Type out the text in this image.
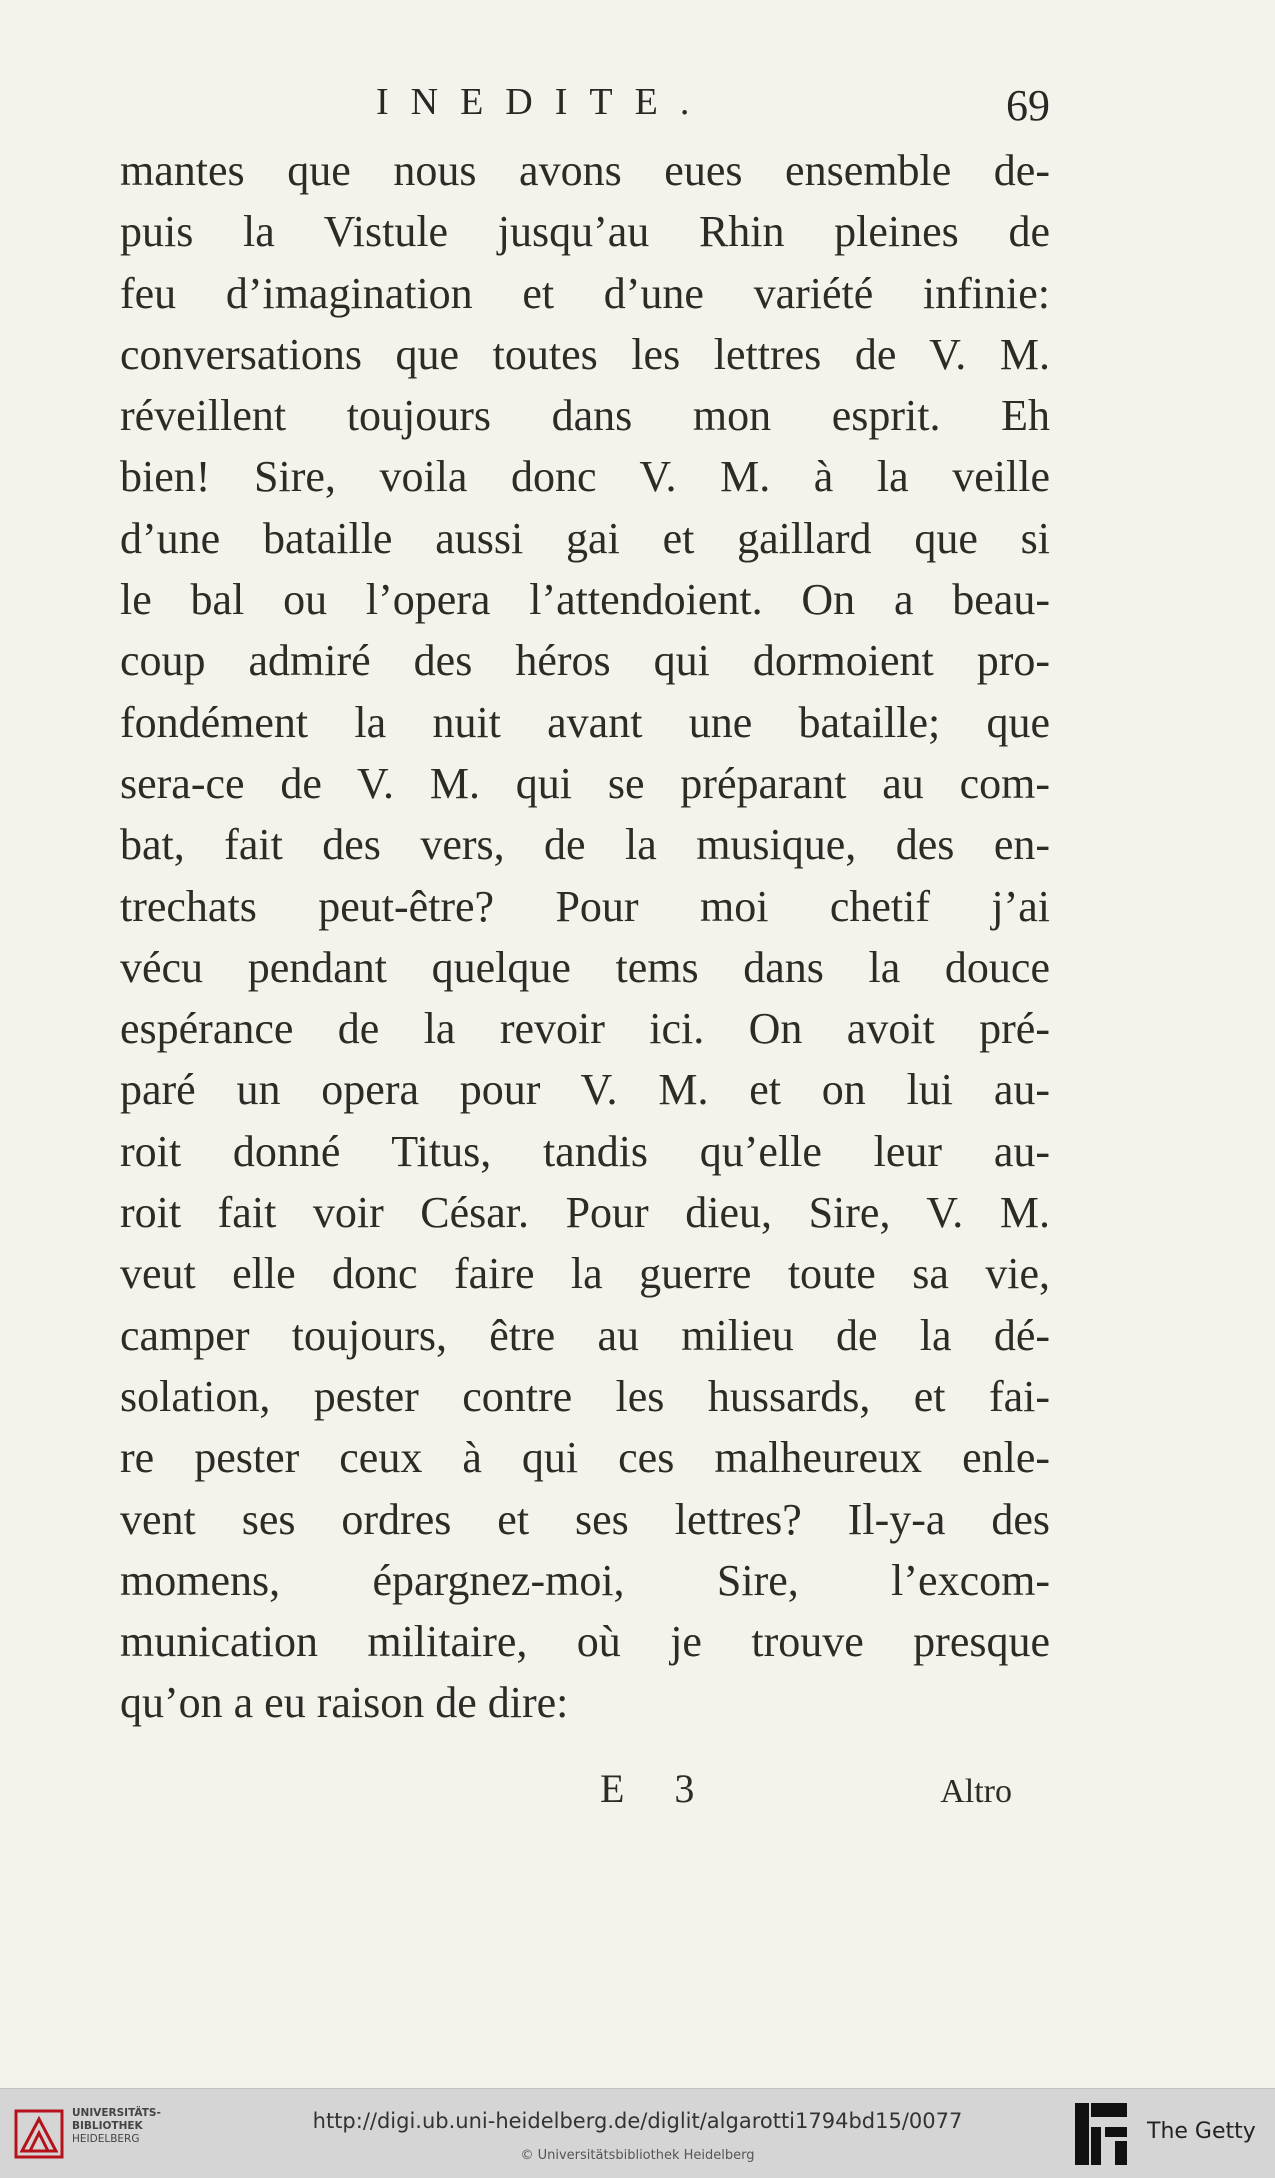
INEDITE.	69
mantes que nous avons eues ensemble de-
puis la Vistule jusqu’au Rhin pleines de
feu d’imagination et d’une variété infinie:
conversations que toutes les lettres de V. M.
réveillent toujours dans mon esprit. Eh
bien! Sire, voila donc V. M. à la veille
d’une bataille aussi gai et gaillard que si
le bal ou l’opera l’attendoient. On a beau-
coup admiré des héros qui dormoient pro-
fondément la nuit avant une bataille; que
sera-ce de V. M. qui se préparant au com-
bat, fait des vers, de la musique, des en-
trechats peut-être? Pour moi chetif j’ai
vécu pendant quelque tems dans la douce
espérance de la revoir ici. On avoit pré-
paré un opera pour V. M. et on lui au-
roit donné Titus, tandis qu’elle leur au-
roit fait voir César. Pour dieu, Sire, V. M.
veut elle donc faire la guerre toute sa vie,
camper toujours, être au milieu de la dé-
solation, pester contre les hussards, et fai-
re pester ceux à qui ces malheureux enle-
vent ses ordres et ses lettres? Il-y-a des
momens, épargnez-moi, Sire, l’excom-
munication militaire, où je trouve presque
qu’on a eu raison de dire:
E 3	Altro
UNIVERSITÄTS-
BIBLIOTHEK
HEIDELBERG
http://digi.ub.uni-heidelberg.de/diglit/algarotti1794bd15/0077
© Universitätsbibliothek Heidelberg
The Getty
